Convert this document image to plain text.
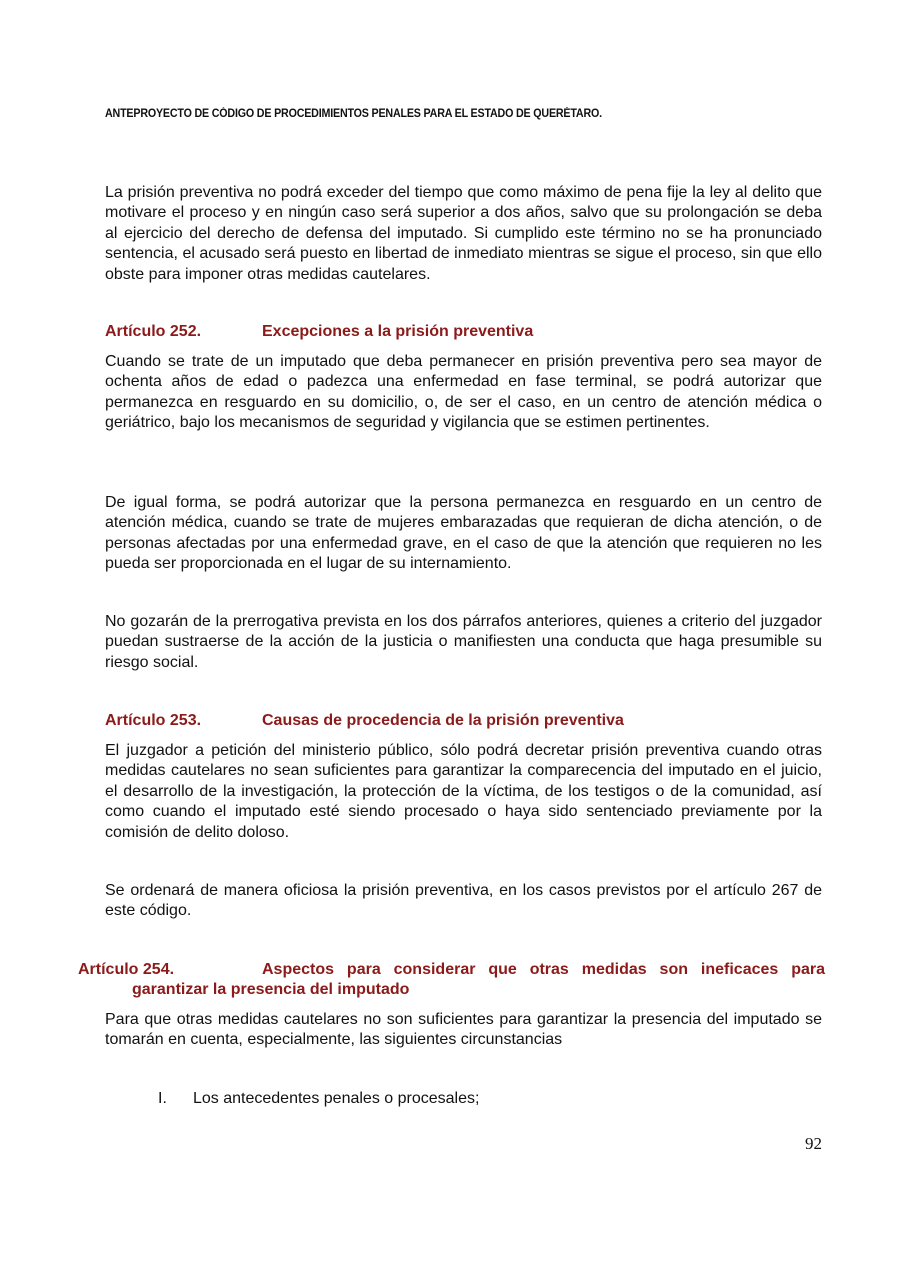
ANTEPROYECTO DE CÓDIGO DE PROCEDIMIENTOS PENALES PARA EL ESTADO DE QUERÉTARO.

La prisión preventiva no podrá exceder del tiempo que como máximo de pena fije la ley al delito que motivare el proceso y en ningún caso será superior a dos años, salvo que su prolongación se deba al ejercicio del derecho de defensa del imputado. Si cumplido este término no se ha pronunciado sentencia, el acusado será puesto en libertad de inmediato mientras se sigue el proceso, sin que ello obste para imponer otras medidas cautelares.

Artículo 252.	Excepciones a la prisión preventiva

Cuando se trate de un imputado que deba permanecer en prisión preventiva pero sea mayor de ochenta años de edad o padezca una enfermedad en fase terminal, se podrá autorizar que permanezca en resguardo en su domicilio, o, de ser el caso, en un centro de atención médica o geriátrico, bajo los mecanismos de seguridad y vigilancia que se estimen pertinentes.

De igual forma, se podrá autorizar que la persona permanezca en resguardo en un centro de atención médica, cuando se trate de mujeres embarazadas que requieran de dicha atención, o de personas afectadas por una enfermedad grave, en el caso de que la atención que requieren no les pueda ser proporcionada en el lugar de su internamiento.

No gozarán de la prerrogativa prevista en los dos párrafos anteriores, quienes a criterio del juzgador puedan sustraerse de la acción de la justicia o manifiesten una conducta que haga presumible su riesgo social.

Artículo 253.	Causas de procedencia de la prisión preventiva

El juzgador a petición del ministerio público, sólo podrá decretar prisión preventiva cuando otras medidas cautelares no sean suficientes para garantizar la comparecencia del imputado en el juicio, el desarrollo de la investigación, la protección de la víctima, de los testigos o de la comunidad, así como cuando el imputado esté siendo procesado o haya sido sentenciado previamente por la comisión de delito doloso.

Se ordenará de manera oficiosa la prisión preventiva, en los casos previstos por el artículo 267 de este código.

Artículo 254.	Aspectos para considerar que otras medidas son ineficaces para garantizar la presencia del imputado

Para que otras medidas cautelares no son suficientes para garantizar la presencia del imputado se tomarán en cuenta, especialmente, las siguientes circunstancias

I. Los antecedentes penales o procesales;
92
